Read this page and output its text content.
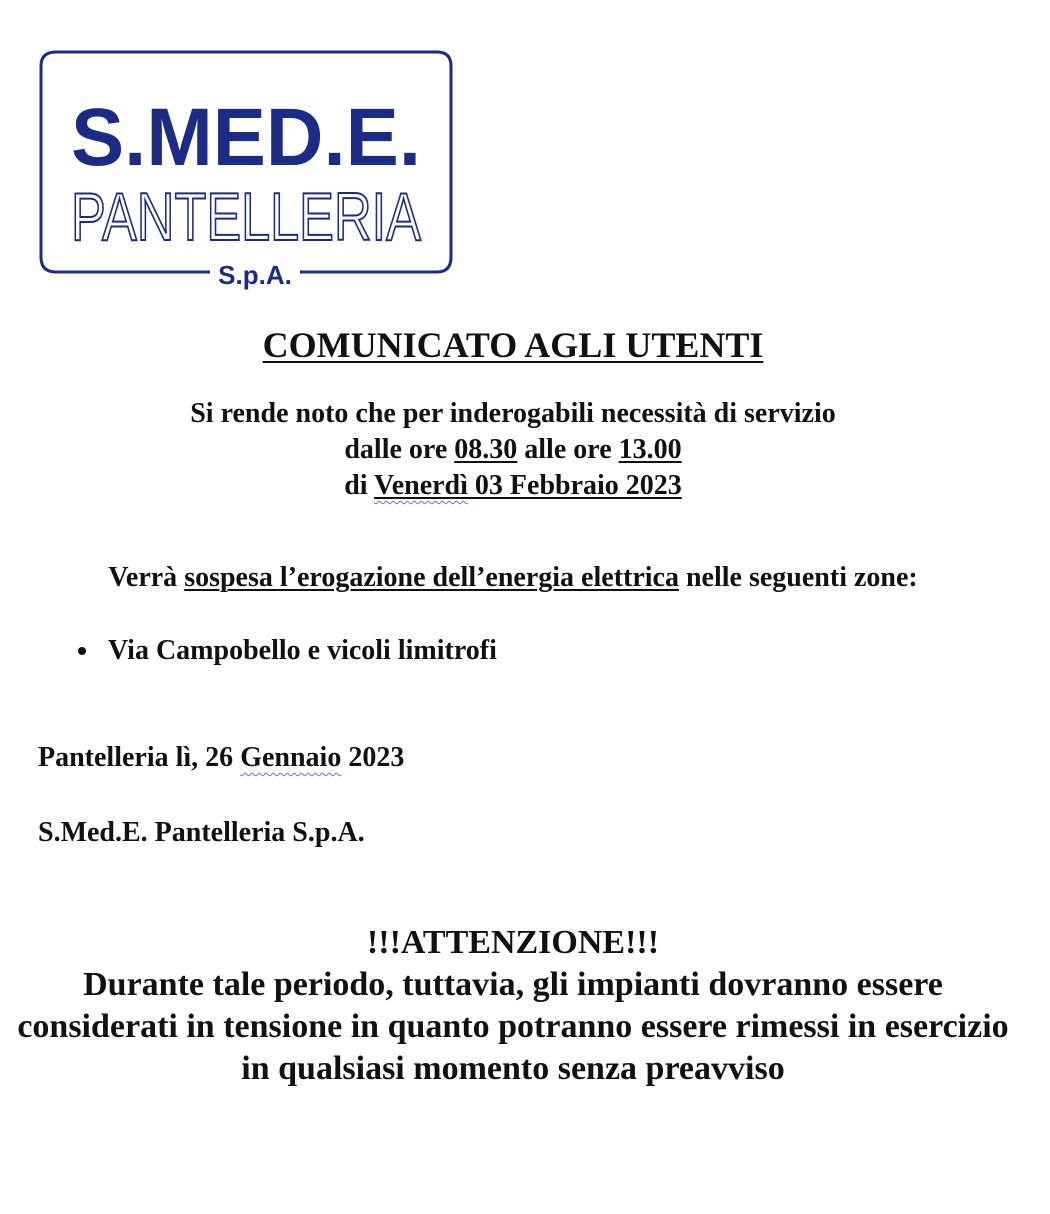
S.MED.E.
PANTELLERIA
S.p.A.
COMUNICATO AGLI UTENTI
Si rende noto che per inderogabili necessità di servizio
dalle ore 08.30 alle ore 13.00
di Venerdì 03 Febbraio 2023
Verrà sospesa l’erogazione dell’energia elettrica nelle seguenti zone:
Via Campobello e vicoli limitrofi
Pantelleria lì, 26 Gennaio 2023
S.Med.E. Pantelleria S.p.A.
!!!ATTENZIONE!!!
Durante tale periodo, tuttavia, gli impianti dovranno essere considerati in tensione in quanto potranno essere rimessi in esercizio in qualsiasi momento senza preavviso
